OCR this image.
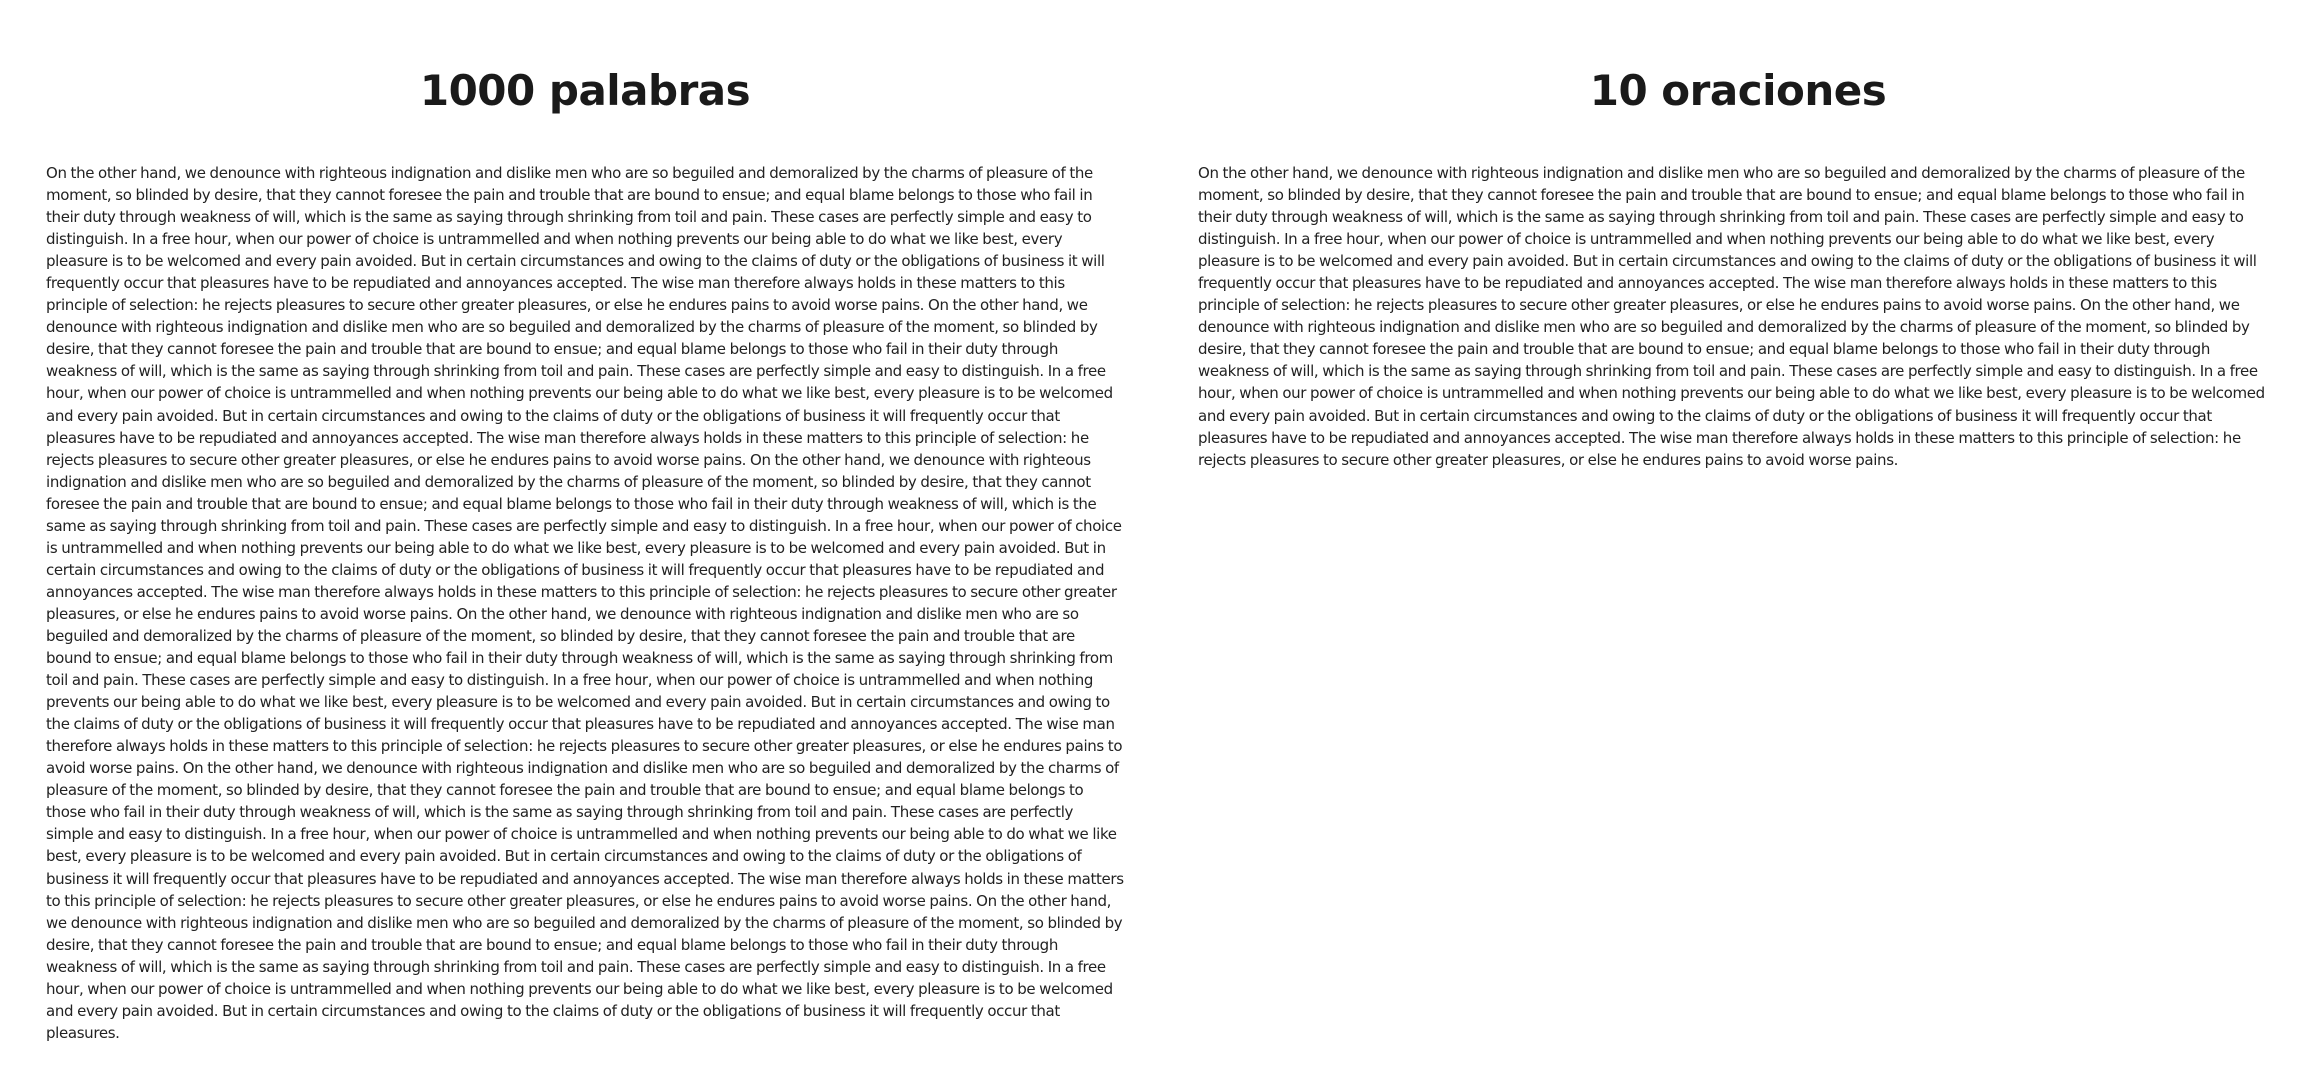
1000 palabras

On the other hand, we denounce with righteous indignation and dislike men who are so beguiled and demoralized by the charms of pleasure of the moment, so blinded by desire, that they cannot foresee the pain and trouble that are bound to ensue; and equal blame belongs to those who fail in their duty through weakness of will, which is the same as saying through shrinking from toil and pain. These cases are perfectly simple and easy to distinguish. In a free hour, when our power of choice is untrammelled and when nothing prevents our being able to do what we like best, every pleasure is to be welcomed and every pain avoided. But in certain circumstances and owing to the claims of duty or the obligations of business it will frequently occur that pleasures have to be repudiated and annoyances accepted. The wise man therefore always holds in these matters to this principle of selection: he rejects pleasures to secure other greater pleasures, or else he endures pains to avoid worse pains. On the other hand, we denounce with righteous indignation and dislike men who are so beguiled and demoralized by the charms of pleasure of the moment, so blinded by desire, that they cannot foresee the pain and trouble that are bound to ensue; and equal blame belongs to those who fail in their duty through weakness of will, which is the same as saying through shrinking from toil and pain. These cases are perfectly simple and easy to distinguish. In a free hour, when our power of choice is untrammelled and when nothing prevents our being able to do what we like best, every pleasure is to be welcomed and every pain avoided. But in certain circumstances and owing to the claims of duty or the obligations of business it will frequently occur that pleasures have to be repudiated and annoyances accepted. The wise man therefore always holds in these matters to this principle of selection: he rejects pleasures to secure other greater pleasures, or else he endures pains to avoid worse pains. On the other hand, we denounce with righteous indignation and dislike men who are so beguiled and demoralized by the charms of pleasure of the moment, so blinded by desire, that they cannot foresee the pain and trouble that are bound to ensue; and equal blame belongs to those who fail in their duty through weakness of will, which is the same as saying through shrinking from toil and pain. These cases are perfectly simple and easy to distinguish. In a free hour, when our power of choice is untrammelled and when nothing prevents our being able to do what we like best, every pleasure is to be welcomed and every pain avoided. But in certain circumstances and owing to the claims of duty or the obligations of business it will frequently occur that pleasures have to be repudiated and annoyances accepted. The wise man therefore always holds in these matters to this principle of selection: he rejects pleasures to secure other greater pleasures, or else he endures pains to avoid worse pains. On the other hand, we denounce with righteous indignation and dislike men who are so beguiled and demoralized by the charms of pleasure of the moment, so blinded by desire, that they cannot foresee the pain and trouble that are bound to ensue; and equal blame belongs to those who fail in their duty through weakness of will, which is the same as saying through shrinking from toil and pain. These cases are perfectly simple and easy to distinguish. In a free hour, when our power of choice is untrammelled and when nothing prevents our being able to do what we like best, every pleasure is to be welcomed and every pain avoided. But in certain circumstances and owing to the claims of duty or the obligations of business it will frequently occur that pleasures have to be repudiated and annoyances accepted. The wise man therefore always holds in these matters to this principle of selection: he rejects pleasures to secure other greater pleasures, or else he endures pains to avoid worse pains. On the other hand, we denounce with righteous indignation and dislike men who are so beguiled and demoralized by the charms of pleasure of the moment, so blinded by desire, that they cannot foresee the pain and trouble that are bound to ensue; and equal blame belongs to those who fail in their duty through weakness of will, which is the same as saying through shrinking from toil and pain. These cases are perfectly simple and easy to distinguish. In a free hour, when our power of choice is untrammelled and when nothing prevents our being able to do what we like best, every pleasure is to be welcomed and every pain avoided. But in certain circumstances and owing to the claims of duty or the obligations of business it will frequently occur that pleasures have to be repudiated and annoyances accepted. The wise man therefore always holds in these matters to this principle of selection: he rejects pleasures to secure other greater pleasures, or else he endures pains to avoid worse pains. On the other hand, we denounce with righteous indignation and dislike men who are so beguiled and demoralized by the charms of pleasure of the moment, so blinded by desire, that they cannot foresee the pain and trouble that are bound to ensue; and equal blame belongs to those who fail in their duty through weakness of will, which is the same as saying through shrinking from toil and pain. These cases are perfectly simple and easy to distinguish. In a free hour, when our power of choice is untrammelled and when nothing prevents our being able to do what we like best, every pleasure is to be welcomed and every pain avoided. But in certain circumstances and owing to the claims of duty or the obligations of business it will frequently occur that pleasures.

10 oraciones

On the other hand, we denounce with righteous indignation and dislike men who are so beguiled and demoralized by the charms of pleasure of the moment, so blinded by desire, that they cannot foresee the pain and trouble that are bound to ensue; and equal blame belongs to those who fail in their duty through weakness of will, which is the same as saying through shrinking from toil and pain. These cases are perfectly simple and easy to distinguish. In a free hour, when our power of choice is untrammelled and when nothing prevents our being able to do what we like best, every pleasure is to be welcomed and every pain avoided. But in certain circumstances and owing to the claims of duty or the obligations of business it will frequently occur that pleasures have to be repudiated and annoyances accepted. The wise man therefore always holds in these matters to this principle of selection: he rejects pleasures to secure other greater pleasures, or else he endures pains to avoid worse pains. On the other hand, we denounce with righteous indignation and dislike men who are so beguiled and demoralized by the charms of pleasure of the moment, so blinded by desire, that they cannot foresee the pain and trouble that are bound to ensue; and equal blame belongs to those who fail in their duty through weakness of will, which is the same as saying through shrinking from toil and pain. These cases are perfectly simple and easy to distinguish. In a free hour, when our power of choice is untrammelled and when nothing prevents our being able to do what we like best, every pleasure is to be welcomed and every pain avoided. But in certain circumstances and owing to the claims of duty or the obligations of business it will frequently occur that pleasures have to be repudiated and annoyances accepted. The wise man therefore always holds in these matters to this principle of selection: he rejects pleasures to secure other greater pleasures, or else he endures pains to avoid worse pains.
